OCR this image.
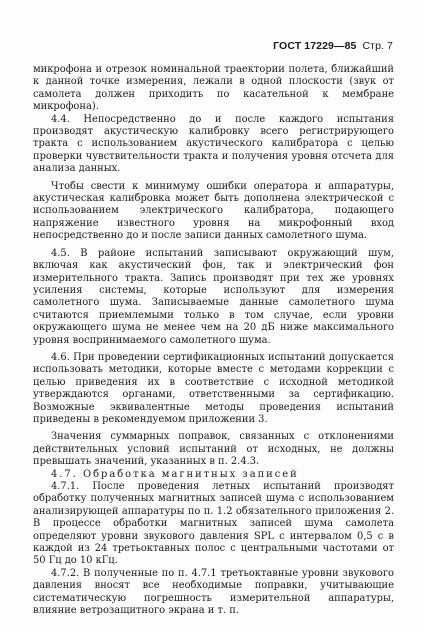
ГОСТ 17229—85 Стр. 7

микрофона и отрезок номинальной траектории полета, ближайший к данной точке измерения, лежали в одной плоскости (звук от самолета должен приходить по касательной к мембране микрофона).

4.4. Непосредственно до и после каждого испытания производят акустическую калибровку всего регистрирующего тракта с использованием акустического калибратора с целью проверки чувствительности тракта и получения уровня отсчета для анализа данных.

Чтобы свести к минимуму ошибки оператора и аппаратуры, акустическая калибровка может быть дополнена электрической с использованием электрического калибратора, подающего напряжение известного уровня на микрофонный вход непосредственно до и после записи данных самолетного шума.

4.5. В районе испытаний записывают окружающий шум, включая как акустический фон, так и электрический фон измерительного тракта. Запись производят при тех же уровнях усиления системы, которые используют для измерения самолетного шума. Записываемые данные самолетного шума считаются приемлемыми только в том случае, если уровни окружающего шума не менее чем на 20 дБ ниже максимального уровня воспринимаемого самолетного шума.

4.6. При проведении сертификационных испытаний допускается использовать методики, которые вместе с методами коррекции с целью приведения их в соответствие с исходной методикой утверждаются органами, ответственными за сертификацию. Возможные эквивалентные методы проведения испытаний приведены в рекомендуемом приложении 3.

Значения суммарных поправок, связанных с отклонениями действительных условий испытаний от исходных, не должны превышать значений, указанных в п. 2.4.3.

4.7. Обработка магнитных записей

4.7.1. После проведения летных испытаний производят обработку полученных магнитных записей шума с использованием анализирующей аппаратуры по п. 1.2 обязательного приложения 2. В процессе обработки магнитных записей шума самолета определяют уровни звукового давления SPL с интервалом 0,5 с в каждой из 24 третьоктавных полос с центральными частотами от 50 Гц до 10 кГц.

4.7.2. В полученные по п. 4.7.1 третьоктавные уровни звукового давления вносят все необходимые поправки, учитывающие систематическую погрешность измерительной аппаратуры, влияние ветрозащитного экрана и т. п.
